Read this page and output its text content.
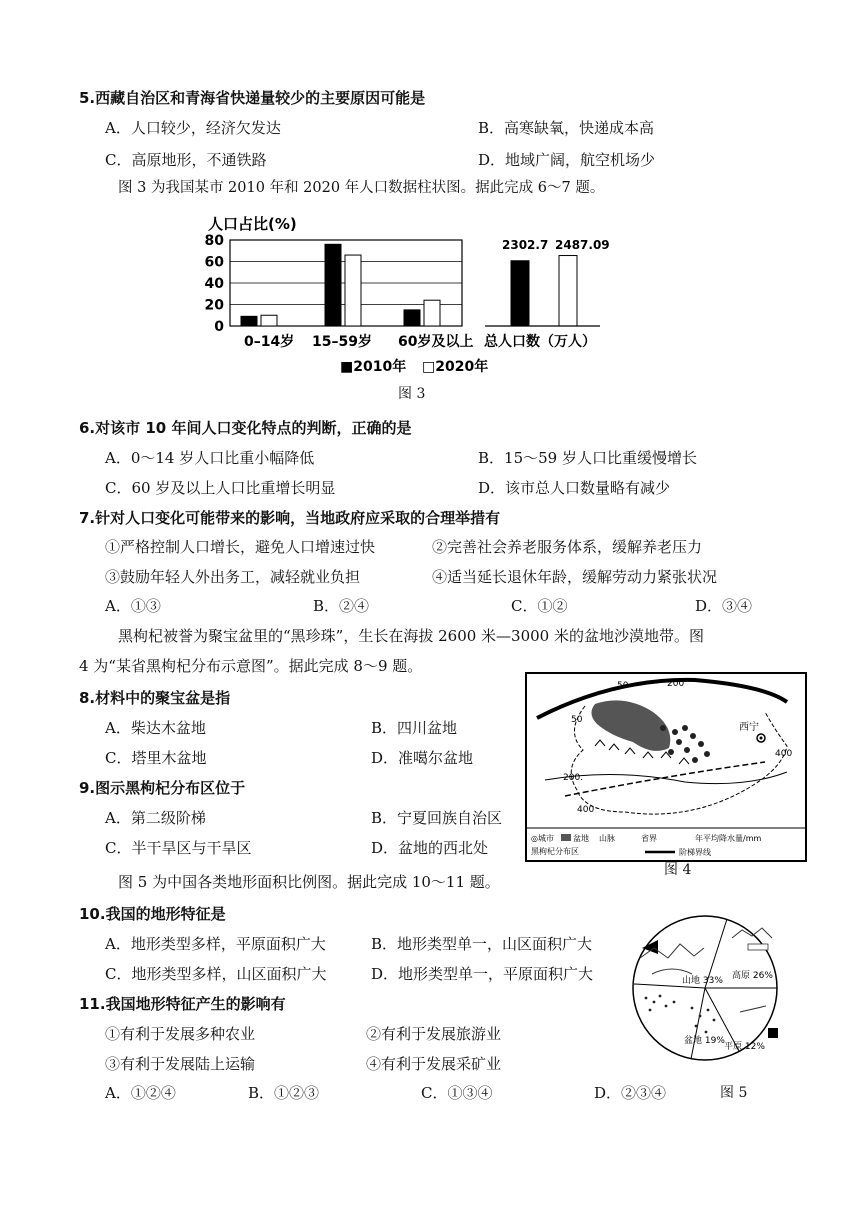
5.西藏自治区和青海省快递量较少的主要原因可能是
A．人口较少，经济欠发达	B．高寒缺氧，快递成本高
C．高原地形，不通铁路	D．地域广阔，航空机场少
图 3 为我国某市 2010 年和 2020 年人口数据柱状图。据此完成 6～7 题。
人口占比(%)
0
20
40
60
80
0–14岁 15–59岁 60岁及以上
2302.7 2487.09
总人口数（万人）
■2010年 □2020年
图 3
6.对该市 10 年间人口变化特点的判断，正确的是
A．0～14 岁人口比重小幅降低	B．15～59 岁人口比重缓慢增长
C．60 岁及以上人口比重增长明显	D．该市总人口数量略有减少
7.针对人口变化可能带来的影响，当地政府应采取的合理举措有
①严格控制人口增长，避免人口增速过快	②完善社会养老服务体系，缓解养老压力
③鼓励年轻人外出务工，减轻就业负担	④适当延长退休年龄，缓解劳动力紧张状况
A．①③	B．②④	C．①②	D．③④
黑枸杞被誉为聚宝盆里的“黑珍珠”，生长在海拔 2600 米—3000 米的盆地沙漠地带。图
4 为“某省黑枸杞分布示意图”。据此完成 8～9 题。
8.材料中的聚宝盆是指
A．柴达木盆地	B．四川盆地
C．塔里木盆地	D．准噶尔盆地
9.图示黑枸杞分布区位于
A．第二级阶梯	B．宁夏回族自治区
C．半干旱区与干旱区	D．盆地的西北处
西宁
50	200
50
200.
400
400
◎城市 盆地 山脉	省界	年平均降水量/mm
黑枸杞分布区	阶梯界线
图 4
图 5 为中国各类地形面积比例图。据此完成 10～11 题。
10.我国的地形特征是
A．地形类型多样，平原面积广大	B．地形类型单一，山区面积广大
C．地形类型多样，山区面积广大	D．地形类型单一，平原面积广大
11.我国地形特征产生的影响有
①有利于发展多种农业	②有利于发展旅游业
③有利于发展陆上运输	④有利于发展采矿业
A．①②④	B．①②③	C．①③④	D．②③④
山地 33% 高原 26%
盆地 19%
平原 12%
图 5
